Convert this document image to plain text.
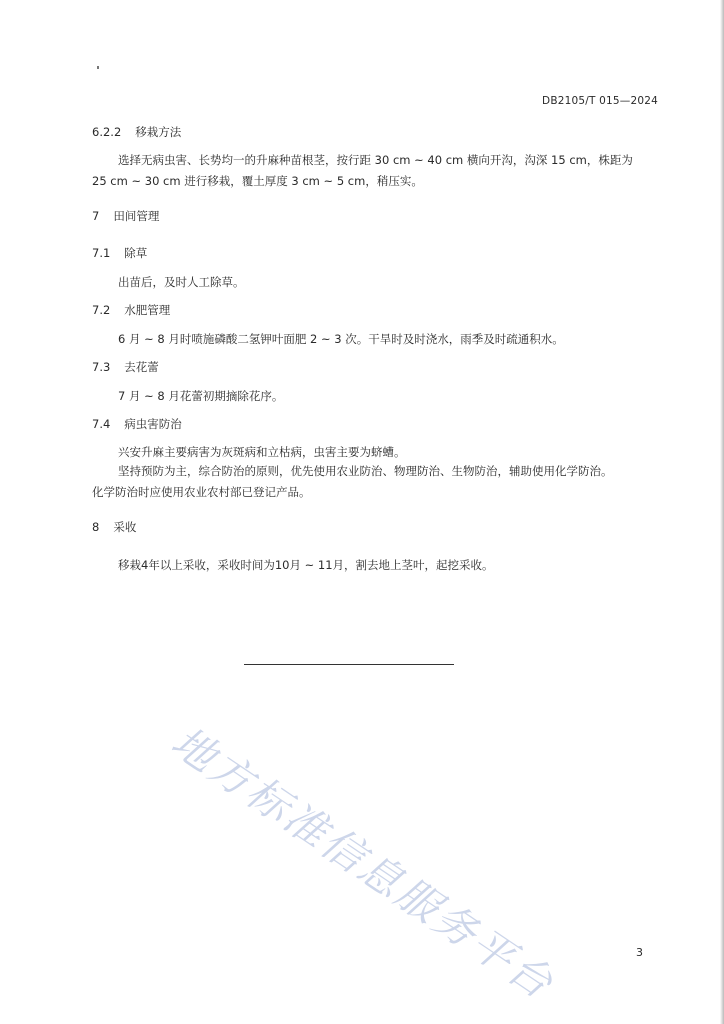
DB2105/T 015—2024
6.2.2 移栽方法
选择无病虫害、长势均一的升麻种苗根茎，按行距 30 cm ~ 40 cm 横向开沟，沟深 15 cm，株距为
25 cm ~ 30 cm 进行移栽，覆土厚度 3 cm ~ 5 cm，稍压实。
7 田间管理
7.1 除草
出苗后，及时人工除草。
7.2 水肥管理
6 月 ~ 8 月时喷施磷酸二氢钾叶面肥 2 ~ 3 次。干旱时及时浇水，雨季及时疏通积水。
7.3 去花蕾
7 月 ~ 8 月花蕾初期摘除花序。
7.4 病虫害防治
兴安升麻主要病害为灰斑病和立枯病，虫害主要为蛴螬。
坚持预防为主，综合防治的原则，优先使用农业防治、物理防治、生物防治，辅助使用化学防治。
化学防治时应使用农业农村部已登记产品。
8 采收
移栽4年以上采收，采收时间为10月 ~ 11月，割去地上茎叶，起挖采收。
地方标准信息服务平台	3
